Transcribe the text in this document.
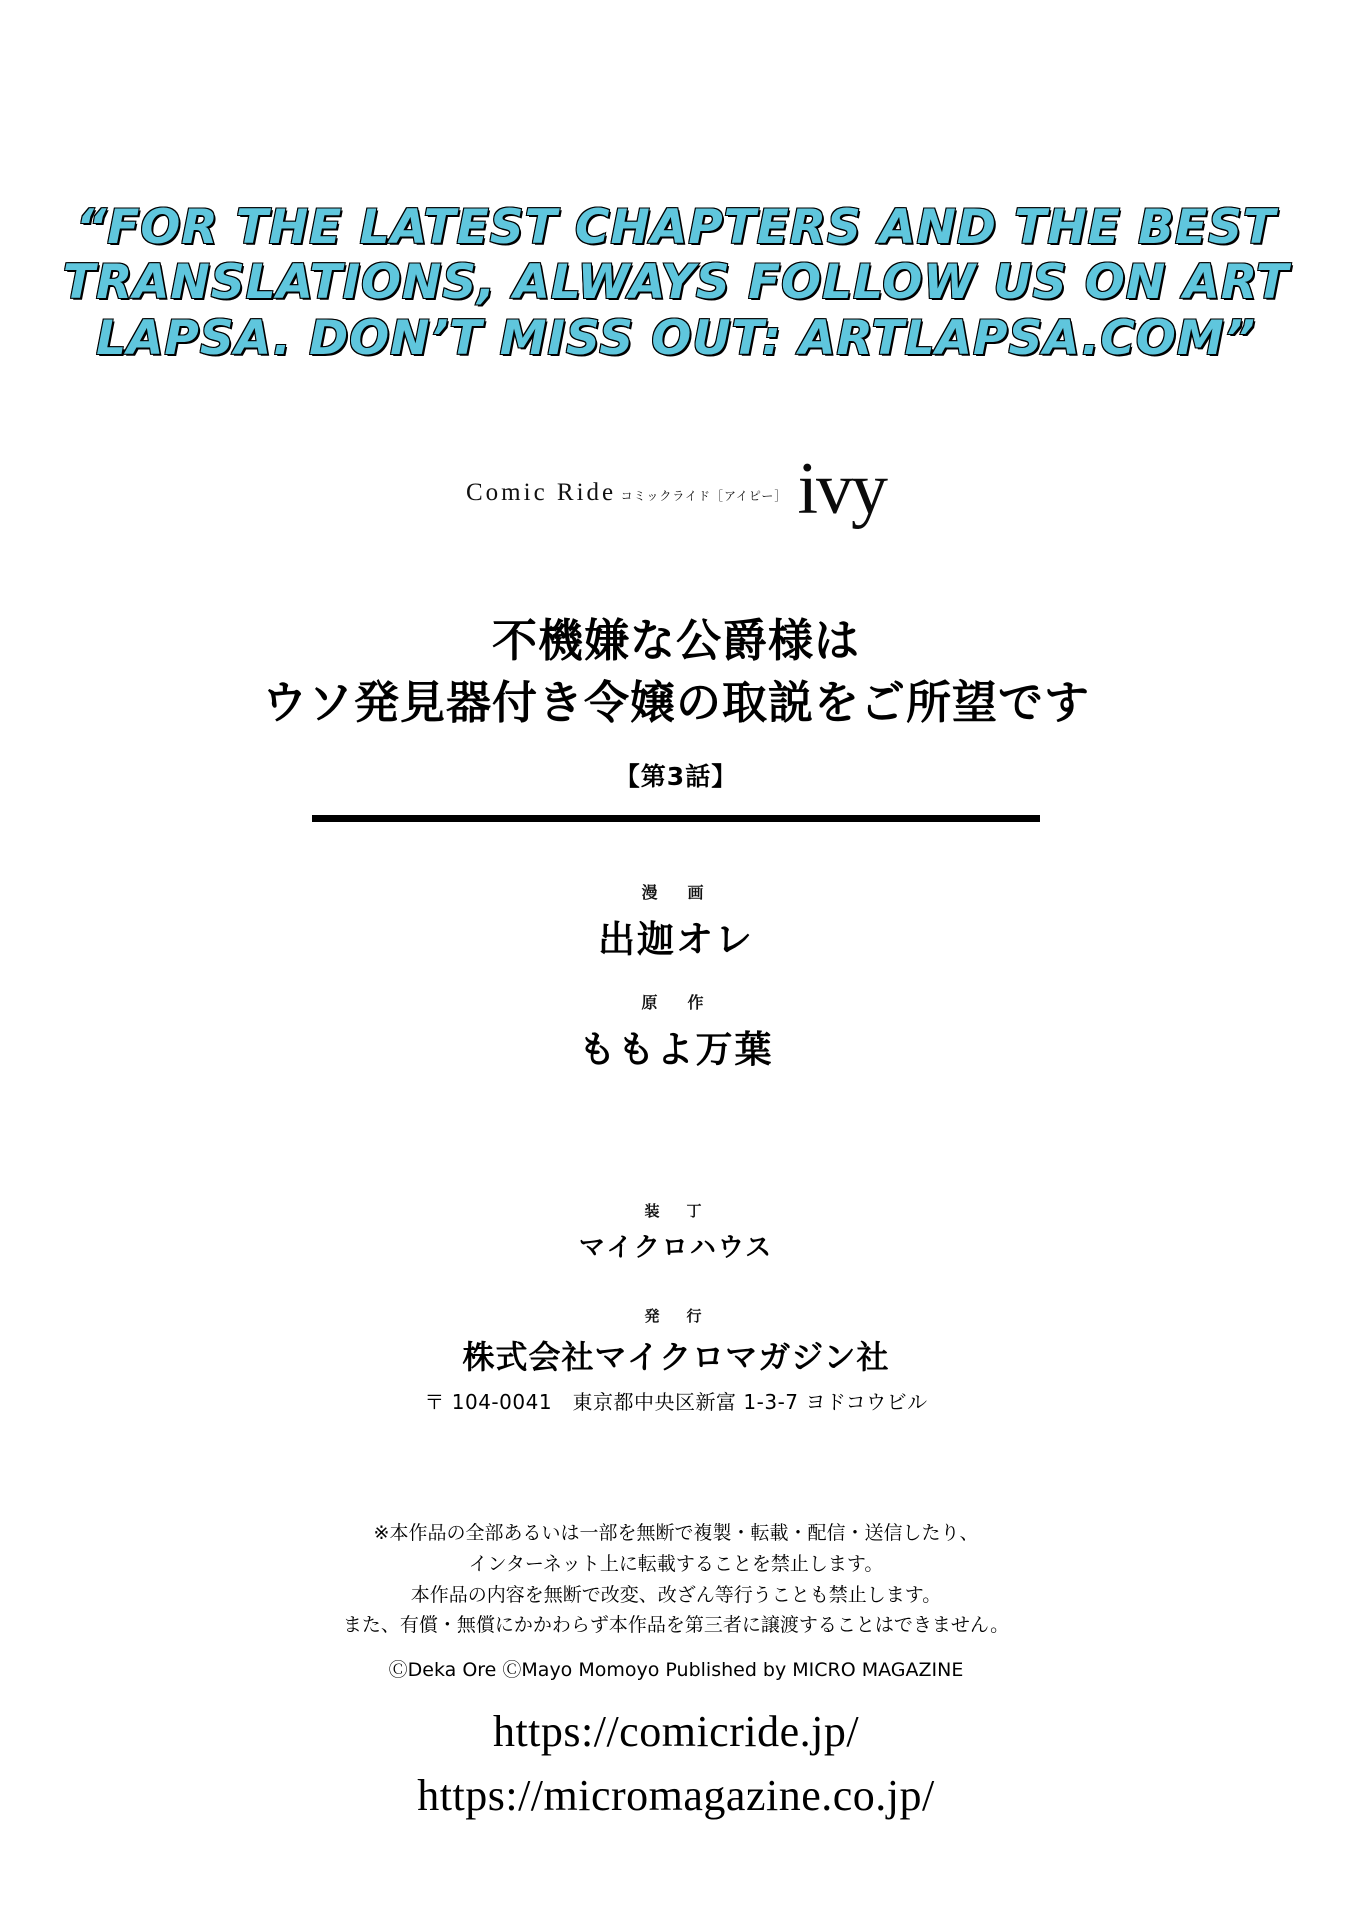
“FOR THE LATEST CHAPTERS AND THE BEST
TRANSLATIONS, ALWAYS FOLLOW US ON ART
LAPSA. DON’T MISS OUT: ARTLAPSA.COM”
Comic Ride コミックライド［アイピー］ ivy
不機嫌な公爵様は
ウソ発見器付き令嬢の取説をご所望です
【第3話】
漫　画
出迦オレ
原　作
ももよ万葉
装　丁
マイクロハウス
発　行
株式会社マイクロマガジン社
〒 104-0041　東京都中央区新富 1-3-7 ヨドコウビル
※本作品の全部あるいは一部を無断で複製・転載・配信・送信したり、
インターネット上に転載することを禁止します。
本作品の内容を無断で改変、改ざん等行うことも禁止します。
また、有償・無償にかかわらず本作品を第三者に譲渡することはできません。
ⒸDeka Ore ⒸMayo Momoyo Published by MICRO MAGAZINE
https://comicride.jp/
https://micromagazine.co.jp/
